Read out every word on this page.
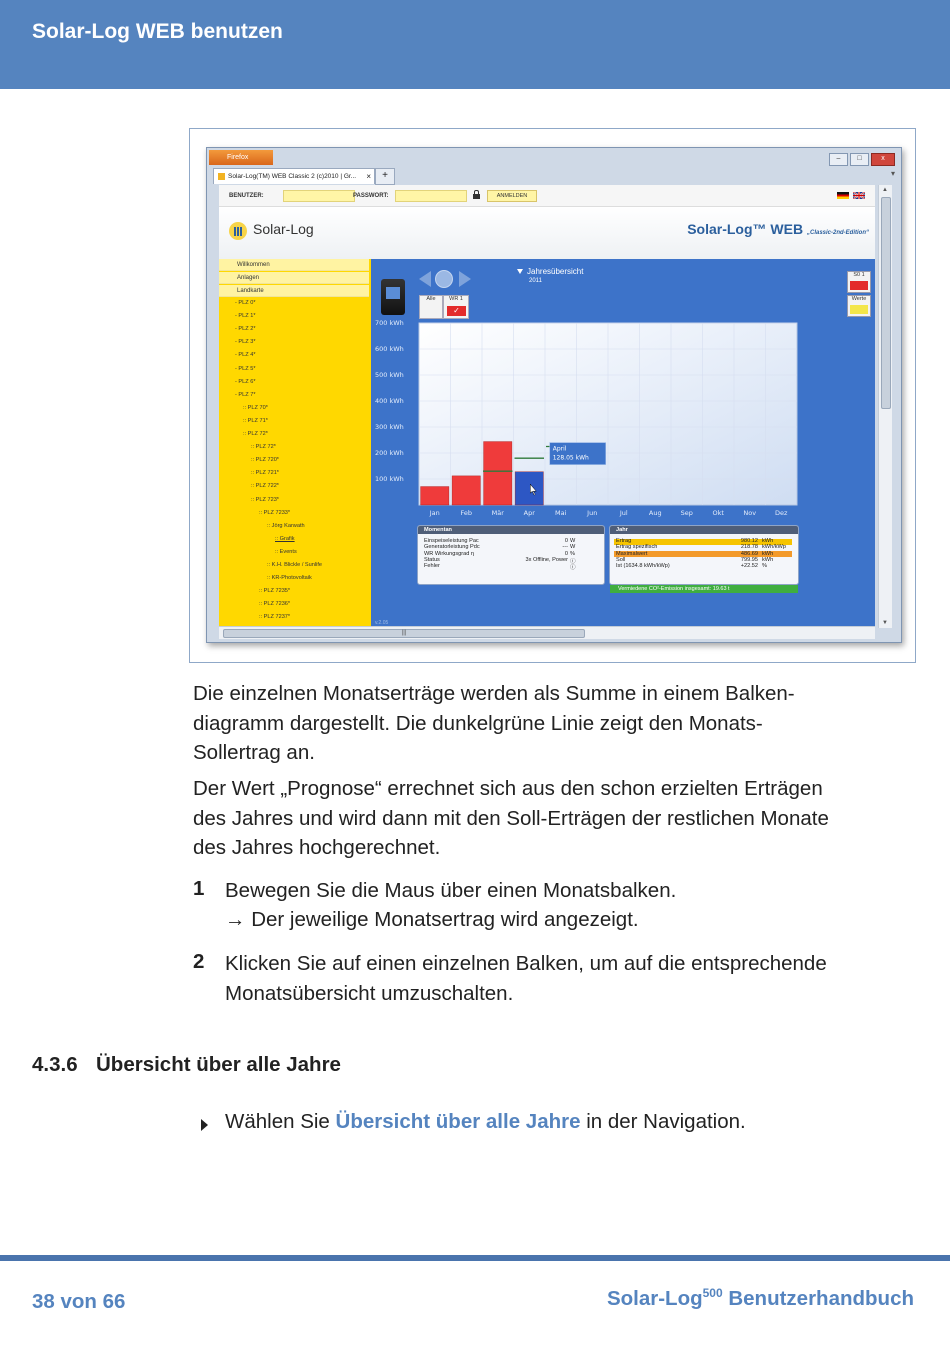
Solar-Log WEB benutzen
Firefox	–	□	x
Solar-Log(TM) WEB Classic 2 (c)2010 | Gr...	×	+	▾
BENUTZER:	PASSWORT:	ANMELDEN
Solar-Log	Solar-Log™ WEB „Classic-2nd-Edition“
Willkommen
Anlagen
Landkarte
- PLZ 0*
- PLZ 1*
- PLZ 2*
- PLZ 3*
- PLZ 4*
- PLZ 5*
- PLZ 6*
- PLZ 7*
:: PLZ 70*
:: PLZ 71*
:: PLZ 72*
:: PLZ 72*
:: PLZ 720*
:: PLZ 721*
:: PLZ 722*
:: PLZ 723*
:: PLZ 7233*
:: Jörg Karwath
:: Grafik
:: Events
:: K.H. Blickle / Sunlife
:: KR-Photovoltaik
:: PLZ 7235*
:: PLZ 7236*
:: PLZ 7237*
Jahresübersicht
2011
Alle	WR 1
✓
S0 1
Werte
100 kWh
200 kWh
300 kWh
400 kWh
500 kWh
600 kWh
700 kWh
Jan	Feb	Mär	Apr	Mai	Jun	Jul	Aug	Sep	Okt	Nov	Dez
April
128.05 kWh
Momentan
Einspeiseleistung Pac	0 W
Generatorleistung Pdc	--- W
WR Wirkungsgrad η	0 %
Status	3x Offline, Power ⓘ
Fehler	ⓘ
Jahr
Ertrag	980.12 kWh
Ertrag spezifisch	218.78 kWh/kWp
Maximalwert	486.69 kWh
Soll	799.95 kWh
Ist (1634.8 kWh/kWp)	+22.52 %
Vermiedene CO²-Emission insgesamt: 19.63 t
v.2.05
▲
▼
|||
Die einzelnen Monatserträge werden als Summe in einem Balken-
diagramm dargestellt. Die dunkelgrüne Linie zeigt den Monats-
Sollertrag an.
Der Wert „Prognose“ errechnet sich aus den schon erzielten Erträgen
des Jahres und wird dann mit den Soll-Erträgen der restlichen Monate
des Jahres hochgerechnet.
1 Bewegen Sie die Maus über einen Monatsbalken.
→ Der jeweilige Monatsertrag wird angezeigt.
2 Klicken Sie auf einen einzelnen Balken, um auf die entsprechende
Monatsübersicht umzuschalten.
4.3.6 Übersicht über alle Jahre
Wählen Sie Übersicht über alle Jahre in der Navigation.
38 von 66	Solar-Log$^{500}$ Benutzerhandbuch
